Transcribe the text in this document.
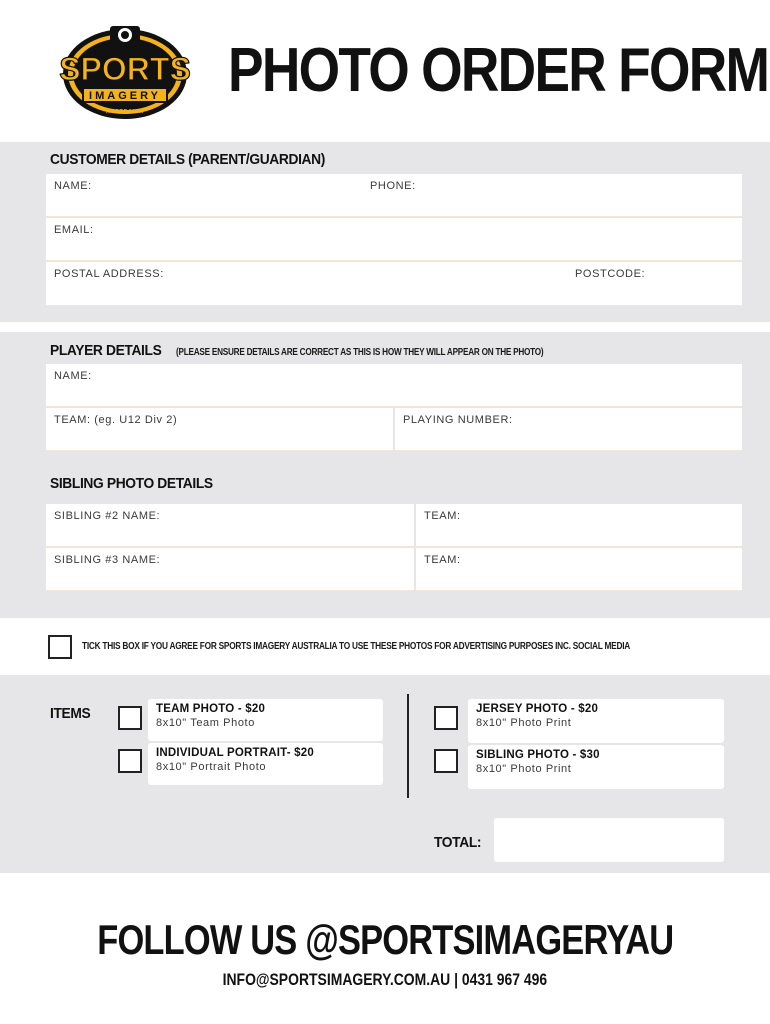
SPORTS
IMAGERY
AUSTRALIA
PHOTO ORDER FORM
CUSTOMER DETAILS (PARENT/GUARDIAN)
NAME:	PHONE:
EMAIL:
POSTAL ADDRESS:	POSTCODE:
PLAYER DETAILS	(PLEASE ENSURE DETAILS ARE CORRECT AS THIS IS HOW THEY WILL APPEAR ON THE PHOTO)
NAME:
TEAM: (eg. U12 Div 2)	PLAYING NUMBER:
SIBLING PHOTO DETAILS
SIBLING #2 NAME:	TEAM:
SIBLING #3 NAME:	TEAM:
TICK THIS BOX IF YOU AGREE FOR SPORTS IMAGERY AUSTRALIA TO USE THESE PHOTOS FOR ADVERTISING PURPOSES INC. SOCIAL MEDIA
ITEMS	TEAM PHOTO - $20
8x10" Team Photo
INDIVIDUAL PORTRAIT- $20
8x10" Portrait Photo
JERSEY PHOTO - $20
8x10" Photo Print
SIBLING PHOTO - $30
8x10" Photo Print
TOTAL:
FOLLOW US @SPORTSIMAGERYAU
INFO@SPORTSIMAGERY.COM.AU | 0431 967 496
